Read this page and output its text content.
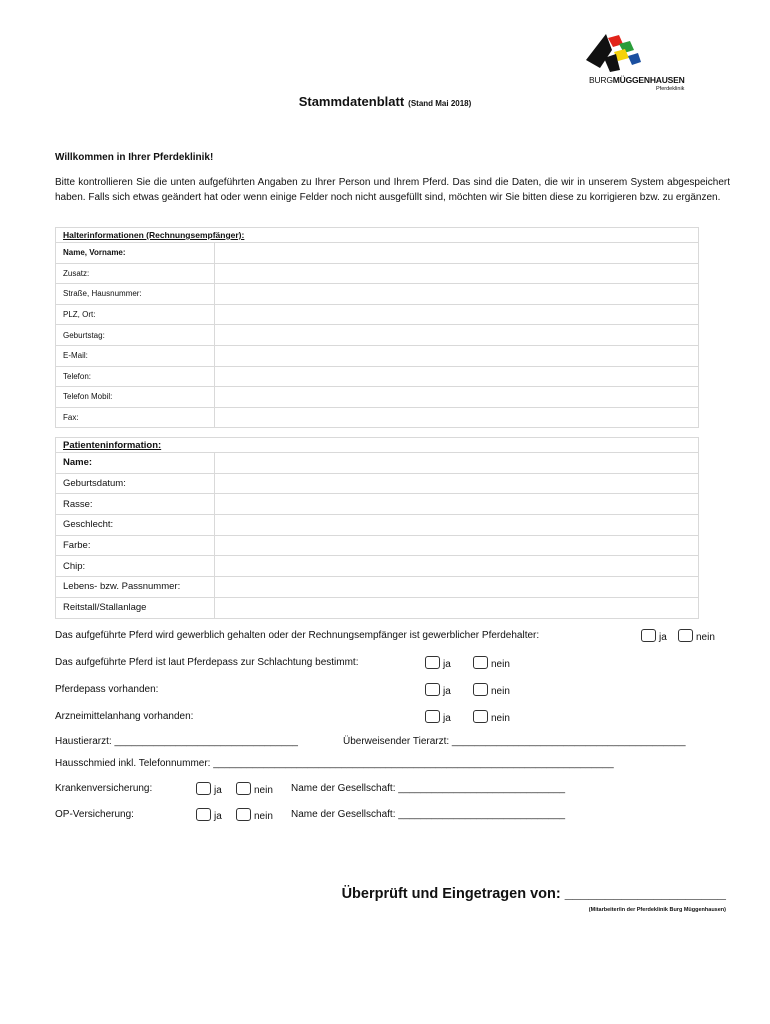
BURGMÜGGENHAUSEN
Pferdeklinik
Stammdatenblatt (Stand Mai 2018)
Willkommen in Ihrer Pferdeklinik!
Bitte kontrollieren Sie die unten aufgeführten Angaben zu Ihrer Person und Ihrem Pferd. Das sind die Daten, die wir in unserem System abgespeichert haben. Falls sich etwas geändert hat oder wenn einige Felder noch nicht ausgefüllt sind, möchten wir Sie bitten diese zu korrigieren bzw. zu ergänzen.
Halterinformationen (Rechnungsempfänger):	
Name, Vorname:	
Zusatz:	
Straße, Hausnummer:	
PLZ, Ort:	
Geburtstag:	
E-Mail:	
Telefon:	
Telefon Mobil:	
Fax:	
Patienteninformation:	
Name:	
Geburtsdatum:	
Rasse:	
Geschlecht:	
Farbe:	
Chip:	
Lebens- bzw. Passnummer:	
Reitstall/Stallanlage	
Das aufgeführte Pferd wird gewerblich gehalten oder der Rechnungsempfänger ist gewerblicher Pferdehalter:	ja	nein
Das aufgeführte Pferd ist laut Pferdepass zur Schlachtung bestimmt:	ja	nein
Pferdepass vorhanden:	ja	nein
Arzneimittelanhang vorhanden:	ja	nein
Haustierarzt: _________________________________	Überweisender Tierarzt: __________________________________________
Hausschmied inkl. Telefonnummer: ________________________________________________________________________
Krankenversicherung:	ja	nein Name der Gesellschaft: ______________________________
OP-Versicherung:	ja	nein Name der Gesellschaft: ______________________________
Überprüft und Eingetragen von: ____________________
(Mitarbeiter/in der Pferdeklinik Burg Müggenhausen)
